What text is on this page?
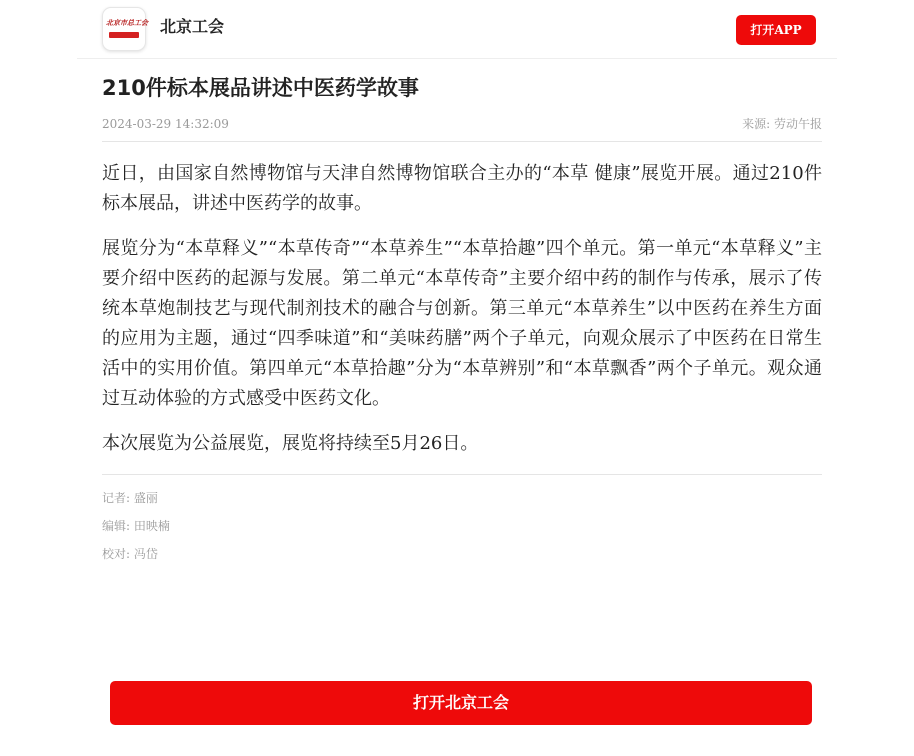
北京市总工会 北京工会	打开APP
210件标本展品讲述中医药学故事
2024-03-29 14:32:09	来源: 劳动午报

近日，由国家自然博物馆与天津自然博物馆联合主办的“本草 健康”展览开展。通过210件标本展品，讲述中医药学的故事。

展览分为“本草释义”“本草传奇”“本草养生”“本草拾趣”四个单元。第一单元“本草释义”主要介绍中医药的起源与发展。第二单元“本草传奇”主要介绍中药的制作与传承，展示了传统本草炮制技艺与现代制剂技术的融合与创新。第三单元“本草养生”以中医药在养生方面的应用为主题，通过“四季味道”和“美味药膳”两个子单元，向观众展示了中医药在日常生活中的实用价值。第四单元“本草拾趣”分为“本草辨别”和“本草飘香”两个子单元。观众通过互动体验的方式感受中医药文化。

本次展览为公益展览，展览将持续至5月26日。

记者: 盛丽
编辑: 田映楠
校对: 冯岱
打开北京工会
